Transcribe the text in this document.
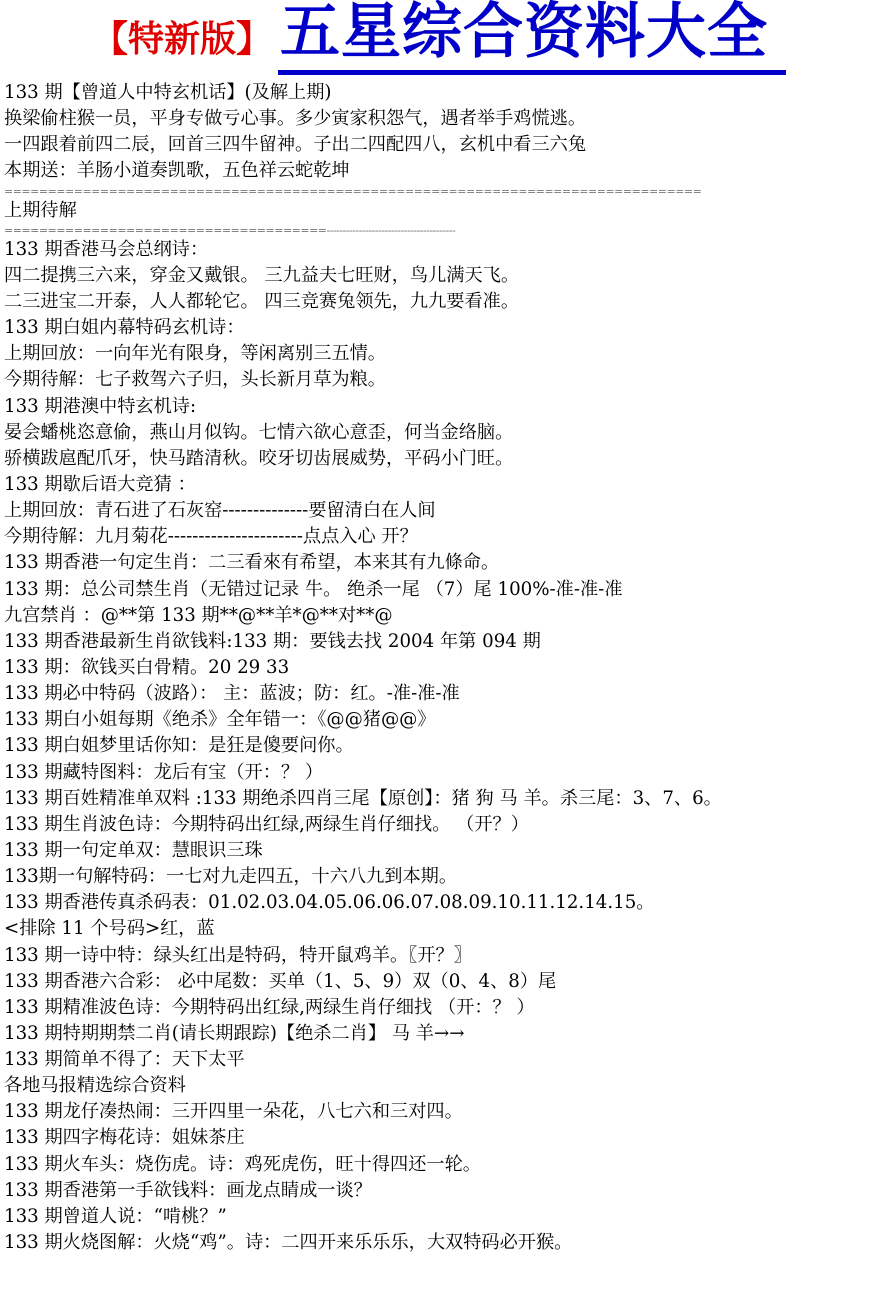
【特新版】 五星综合资料大全
133 期【曾道人中特玄机话】(及解上期)
换梁偷柱猴一员，平身专做亏心事。多少寅家积怨气，遇者举手鸡慌逃。
一四跟着前四二辰，回首三四牛留神。子出二四配四八，玄机中看三六兔
本期送：羊肠小道奏凯歌，五色祥云蛇乾坤
================================================================================
上期待解
=====================================----------------------------------------
133 期香港马会总纲诗：
四二提携三六来，穿金又戴银。 三九益夫七旺财，鸟儿满天飞。
二三进宝二开泰，人人都轮它。 四三竞赛兔领先，九九要看准。
133 期白姐内幕特码玄机诗：
上期回放：一向年光有限身，等闲离别三五情。
今期待解：七子救驾六子归，头长新月草为粮。
133 期港澳中特玄机诗:
晏会蟠桃恣意偷，燕山月似钩。七情六欲心意歪，何当金络脑。
骄横跋扈配爪牙，快马踏清秋。咬牙切齿展威势，平码小门旺。
133 期歇后语大竞猜 ：
上期回放：青石进了石灰窑--------------要留清白在人间
今期待解：九月菊花----------------------点点入心 开？
133 期香港一句定生肖：二三看來有希望，本来其有九條命。
133 期：总公司禁生肖（无错过记录 牛。 绝杀一尾 （7）尾 100%-准-准-准
九宫禁肖 ：@**第 133 期**@**羊*@**对**@
133 期香港最新生肖欲钱料:133 期：要钱去找 2004 年第 094 期
133 期：欲钱买白骨精。20 29 33
133 期必中特码（波路）： 主：蓝波；防：红。-准-准-准
133 期白小姐每期《绝杀》全年错一：《@@猪@@》
133 期白姐梦里话你知：是狂是傻要问你。
133 期藏特图料：龙后有宝（开：？ ）
133 期百姓精准单双料 :133 期绝杀四肖三尾【原创】：猪 狗 马 羊。杀三尾：3、7、6。
133 期生肖波色诗：今期特码出红绿,两绿生肖仔细找。 （开？）
133 期一句定单双：慧眼识三珠
133期一句解特码：一七对九走四五，十六八九到本期。
133 期香港传真杀码表：01.02.03.04.05.06.06.07.08.09.10.11.12.14.15。
<排除 11 个号码>红，蓝
133 期一诗中特：绿头红出是特码，特开鼠鸡羊。〖开？〗
133 期香港六合彩： 必中尾数：买单（1、5、9）双（0、4、8）尾
133 期精准波色诗：今期特码出红绿,两绿生肖仔细找 （开：？ ）
133 期特期期禁二肖(请长期跟踪)【绝杀二肖】 马 羊→→
133 期简单不得了：天下太平
各地马报精选综合资料
133 期龙仔凑热闹：三开四里一朵花，八七六和三对四。
133 期四字梅花诗：姐妹茶庄
133 期火车头：烧伤虎。诗：鸡死虎伤，旺十得四还一轮。
133 期香港第一手欲钱料：画龙点睛成一谈？
133 期曾道人说：“啃桃？”
133 期火烧图解：火烧“鸡”。诗：二四开来乐乐乐，大双特码必开猴。
